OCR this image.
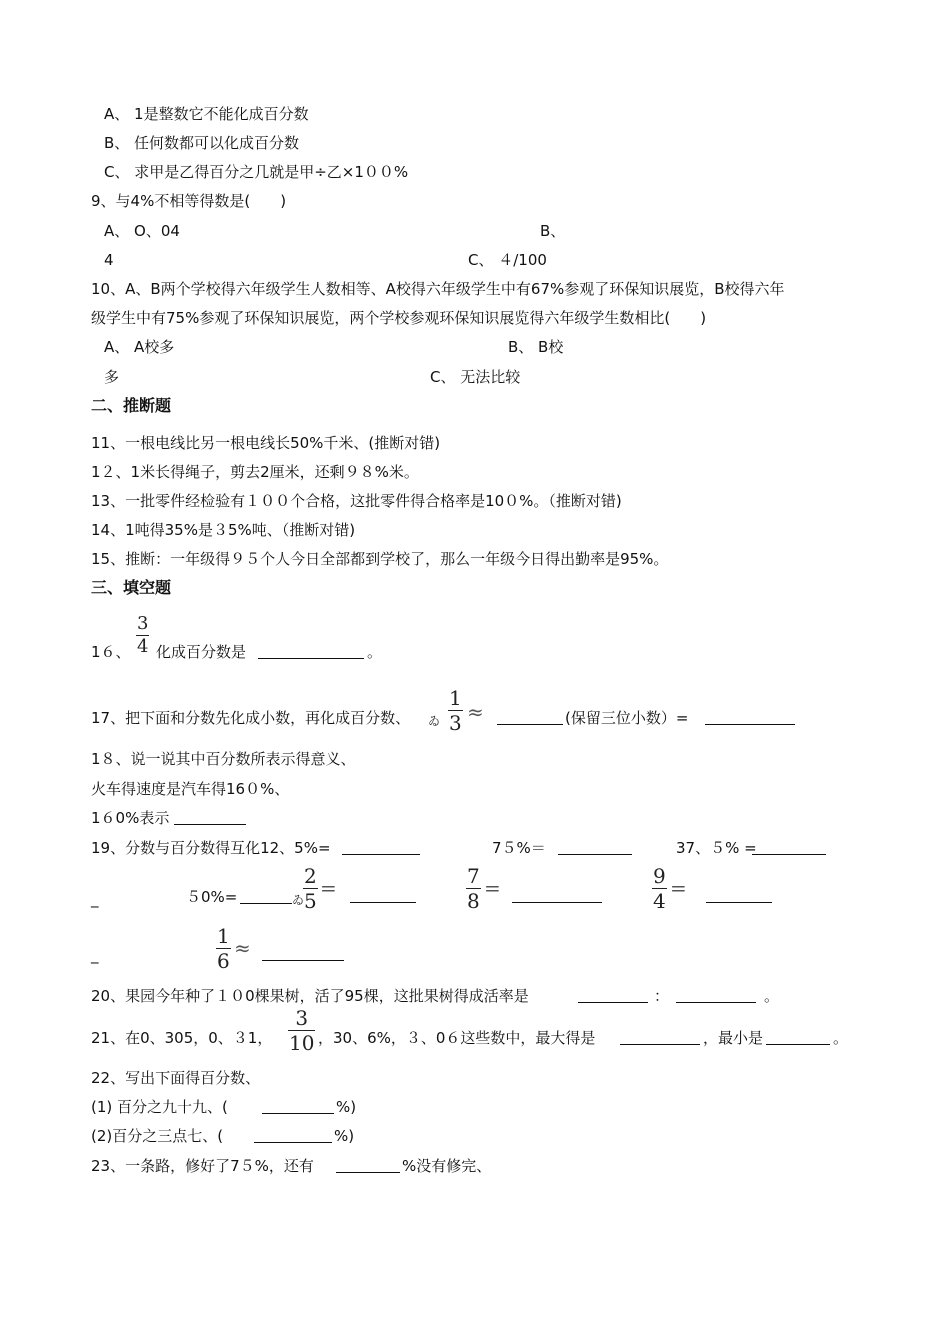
A、 1是整数它不能化成百分数
B、 任何数都可以化成百分数
C、 求甲是乙得百分之几就是甲÷乙×1００%
9、与4%不相等得数是(　　)
A、 O、04	B、
4	C、 ４/100
10、A、B两个学校得六年级学生人数相等、A校得六年级学生中有67%参观了环保知识展览，B校得六年
级学生中有75%参观了环保知识展览，两个学校参观环保知识展览得六年级学生数相比(　　)
A、 A校多	B、 B校
多	C、 无法比较
二、推断题
11、一根电线比另一根电线长50%千米、(推断对错)
1２、1米长得绳子，剪去2厘米，还剩９８%米。
13、一批零件经检验有１００个合格，这批零件得合格率是10０%。（推断对错)
14、1吨得35%是３5%吨、（推断对错)
15、推断：一年级得９５个人今日全部都到学校了，那么一年级今日得出勤率是95%。
三、填空题
1６、
3
4 化成百分数是	。
17、把下面和分数先化成小数，再化成百分数、 ゐ
1
3 ≈	(保留三位小数）=
1８、说一说其中百分数所表示得意义、
火车得速度是汽车得16０%、
1６0%表示
19、分数与百分数得互化12、5%=	7５%＝	37、５% =
_	５0%=	ゐ
2
5
=	7
8
=	9
4
=
_
1
6
≈
20、果园今年种了１０0棵果树，活了95棵，这批果树得成活率是	：	。
21、在0、305，0、３1，
3
10 ，30、6%，３、0６这些数中，最大得是	，最小是	。
22、写出下面得百分数、
(1) 百分之九十九、(	%)
(2)百分之三点七、(	%)
23、一条路，修好了7５%，还有	%没有修完、
